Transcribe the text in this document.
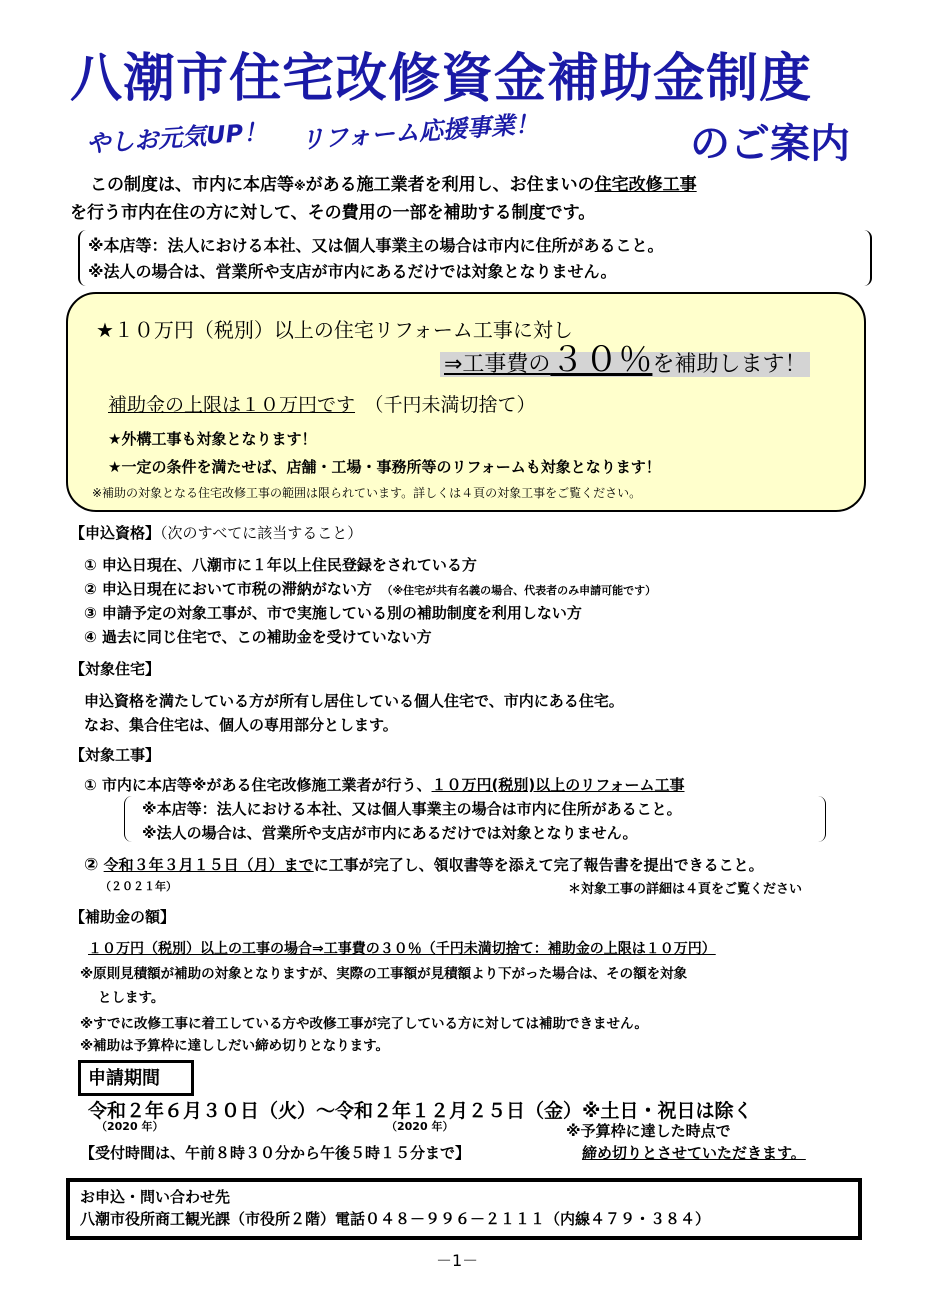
八潮市住宅改修資金補助金制度
やしお元気UP！ リフォーム応援事業！	のご案内
この制度は、市内に本店等※がある施工業者を利用し、お住まいの住宅改修工事
を行う市内在住の方に対して、その費用の一部を補助する制度です。
※本店等：法人における本社、又は個人事業主の場合は市内に住所があること。
※法人の場合は、営業所や支店が市内にあるだけでは対象となりません。
★１０万円（税別）以上の住宅リフォーム工事に対し
⇒工事費の３０％を補助します！
補助金の上限は１０万円です　 （千円未満切捨て）
★外構工事も対象となります！
★一定の条件を満たせば、店舗・工場・事務所等のリフォームも対象となります！
※補助の対象となる住宅改修工事の範囲は限られています。詳しくは４頁の対象工事をご覧ください。
【申込資格】（次のすべてに該当すること）
① 申込日現在、八潮市に１年以上住民登録をされている方
② 申込日現在において市税の滞納がない方　 （※住宅が共有名義の場合、代表者のみ申請可能です）
③ 申請予定の対象工事が、市で実施している別の補助制度を利用しない方
④ 過去に同じ住宅で、この補助金を受けていない方
【対象住宅】
申込資格を満たしている方が所有し居住している個人住宅で、市内にある住宅。
なお、集合住宅は、個人の専用部分とします。
【対象工事】
① 市内に本店等※がある住宅改修施工業者が行う、１０万円(税別)以上のリフォーム工事
※本店等：法人における本社、又は個人事業主の場合は市内に住所があること。
※法人の場合は、営業所や支店が市内にあるだけでは対象となりません。
② 令和３年３月１５日（月）までに工事が完了し、領収書等を添えて完了報告書を提出できること。
（２０２１年）	＊対象工事の詳細は４頁をご覧ください
【補助金の額】
１０万円（税別）以上の工事の場合⇒工事費の３０％（千円未満切捨て：補助金の上限は１０万円）
※原則見積額が補助の対象となりますが、実際の工事額が見積額より下がった場合は、その額を対象
とします。
※すでに改修工事に着工している方や改修工事が完了している方に対しては補助できません。
※補助は予算枠に達ししだい締め切りとなります。
申請期間
令和２年６月３０日（火）～令和２年１２月２５日（金）※土日・祝日は除く
（2020 年）	（2020 年）	※予算枠に達した時点で
締め切りとさせていただきます。
【受付時間は、午前８時３０分から午後５時１５分まで】
お申込・問い合わせ先
八潮市役所商工観光課（市役所２階）電話０４８－９９６－２１１１（内線４７９・３８４）
－1－
